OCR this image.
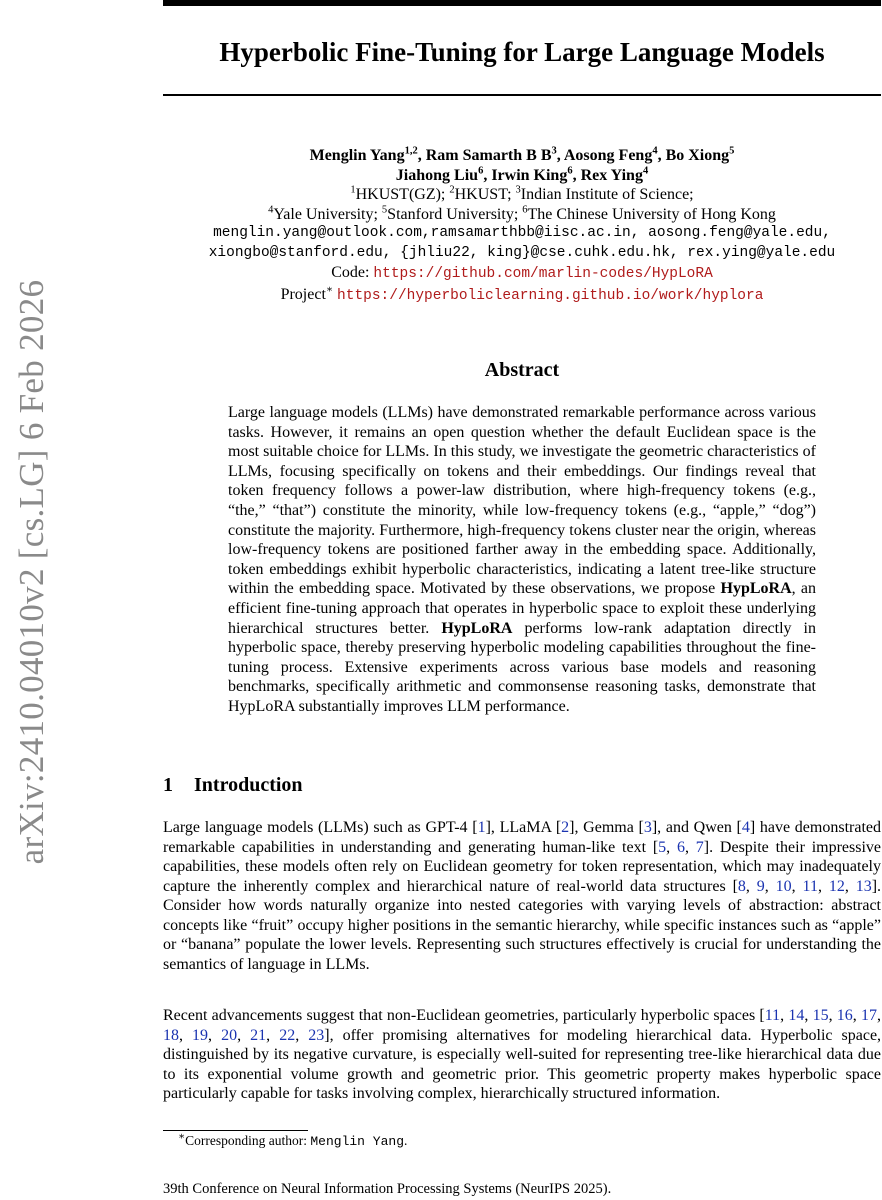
arXiv:2410.04010v2 [cs.LG] 6 Feb 2026
Hyperbolic Fine-Tuning for Large Language Models
Menglin Yang$^{1,2}$, Ram Samarth B $B^3$, Aosong Feng$^4$, Bo Xiong$^5$
Jiahong Liu$^6$, Irwin King$^6$, Rex Ying$^4$
$^1$HKUST(GZ); $^2$HKUST; $^3$Indian Institute of Science;
$^4$Yale University; $^5$Stanford University; $^6$The Chinese University of Hong Kong
menglin.yang@outlook.com,ramsamarthbb@iisc.ac.in, aosong.feng@yale.edu,
xiongbo@stanford.edu, {jhliu22, king}@cse.cuhk.edu.hk, rex.ying@yale.edu
Code: https://github.com/marlin-codes/HypLoRA
Project∗ https://hyperboliclearning.github.io/work/hyplora
Abstract
Large language models (LLMs) have demonstrated remarkable performance across various tasks. However, it remains an open question whether the default Euclidean space is the most suitable choice for LLMs. In this study, we investigate the geometric characteristics of LLMs, focusing specifically on tokens and their embeddings. Our findings reveal that token frequency follows a power-law distribution, where high-frequency tokens (e.g., “the,” “that”) constitute the minority, while low-frequency tokens (e.g., “apple,” “dog”) constitute the majority. Furthermore, high-frequency tokens cluster near the origin, whereas low-frequency tokens are positioned farther away in the embedding space. Additionally, token embeddings exhibit hyperbolic characteristics, indicating a latent tree-like structure within the embedding space. Motivated by these observations, we propose HypLoRA, an efficient fine-tuning approach that operates in hyperbolic space to exploit these underlying hierarchical structures better. HypLoRA performs low-rank adaptation directly in hyperbolic space, thereby preserving hyperbolic modeling capabilities throughout the fine-tuning process. Extensive experiments across various base models and reasoning benchmarks, specifically arithmetic and commonsense reasoning tasks, demonstrate that HypLoRA substantially improves LLM performance.
1 Introduction
Large language models (LLMs) such as GPT-4 [1], LLaMA [2], Gemma [3], and Qwen [4] have demonstrated remarkable capabilities in understanding and generating human-like text [5, 6, 7]. Despite their impressive capabilities, these models often rely on Euclidean geometry for token representation, which may inadequately capture the inherently complex and hierarchical nature of real-world data structures [8, 9, 10, 11, 12, 13]. Consider how words naturally organize into nested categories with varying levels of abstraction: abstract concepts like “fruit” occupy higher positions in the semantic hierarchy, while specific instances such as “apple” or “banana” populate the lower levels. Representing such structures effectively is crucial for understanding the semantics of language in LLMs.
Recent advancements suggest that non-Euclidean geometries, particularly hyperbolic spaces [11, 14, 15, 16, 17, 18, 19, 20, 21, 22, 23], offer promising alternatives for modeling hierarchical data. Hyperbolic space, distinguished by its negative curvature, is especially well-suited for representing tree-like hierarchical data due to its exponential volume growth and geometric prior. This geometric property makes hyperbolic space particularly capable for tasks involving complex, hierarchically structured information.
∗Corresponding author: Menglin Yang.
39th Conference on Neural Information Processing Systems (NeurIPS 2025).
